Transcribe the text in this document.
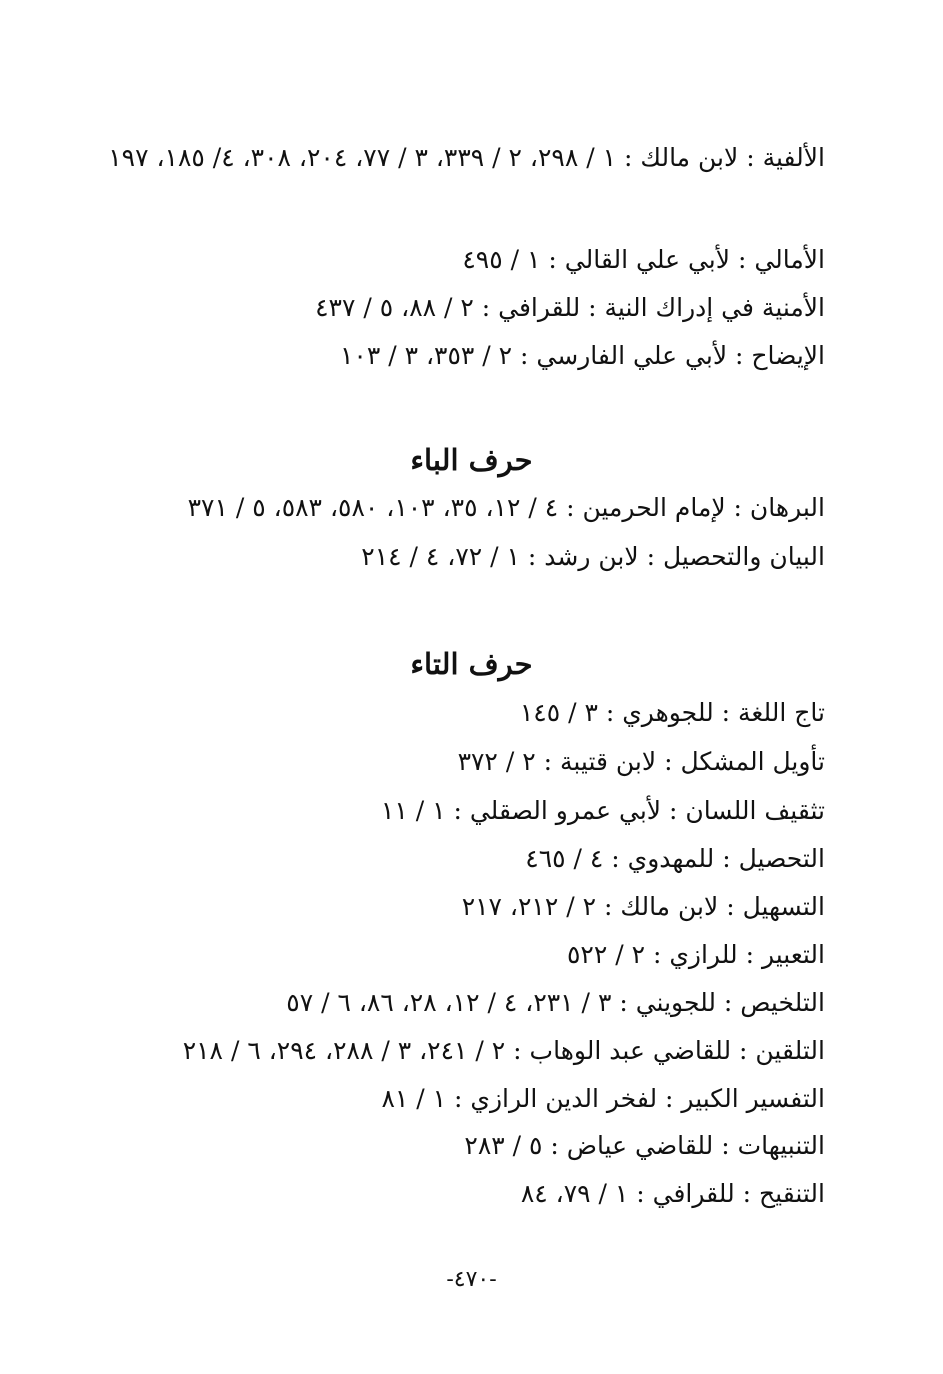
الألفية : لابن مالك : ١ / ٢٩٨، ٢ / ٣٣٩، ٣ / ٧٧، ٢٠٤، ٣٠٨، ٤/ ١٨٥، ١٩٧
الأمالي : لأبي علي القالي : ١ / ٤٩٥
الأمنية في إدراك النية : للقرافي : ٢ / ٨٨، ٥ / ٤٣٧
الإيضاح : لأبي علي الفارسي : ٢ / ٣٥٣، ٣ / ١٠٣
حرف الباء
البرهان : لإمام الحرمين : ٤ / ١٢، ٣٥، ١٠٣، ٥٨٠، ٥٨٣، ٥ / ٣٧١
البيان والتحصيل : لابن رشد : ١ / ٧٢، ٤ / ٢١٤
حرف التاء
تاج اللغة : للجوهري : ٣ / ١٤٥
تأويل المشكل : لابن قتيبة : ٢ / ٣٧٢
تثقيف اللسان : لأبي عمرو الصقلي : ١ / ١١
التحصيل : للمهدوي : ٤ / ٤٦٥
التسهيل : لابن مالك : ٢ / ٢١٢، ٢١٧
التعبير : للرازي : ٢ / ٥٢٢
التلخيص : للجويني : ٣ / ٢٣١، ٤ / ١٢، ٢٨، ٨٦، ٦ / ٥٧
التلقين : للقاضي عبد الوهاب : ٢ / ٢٤١، ٣ / ٢٨٨، ٢٩٤، ٦ / ٢١٨
التفسير الكبير : لفخر الدين الرازي : ١ / ٨١
التنبيهات : للقاضي عياض : ٥ / ٢٨٣
التنقيح : للقرافي : ١ / ٧٩، ٨٤
-٤٧٠-
